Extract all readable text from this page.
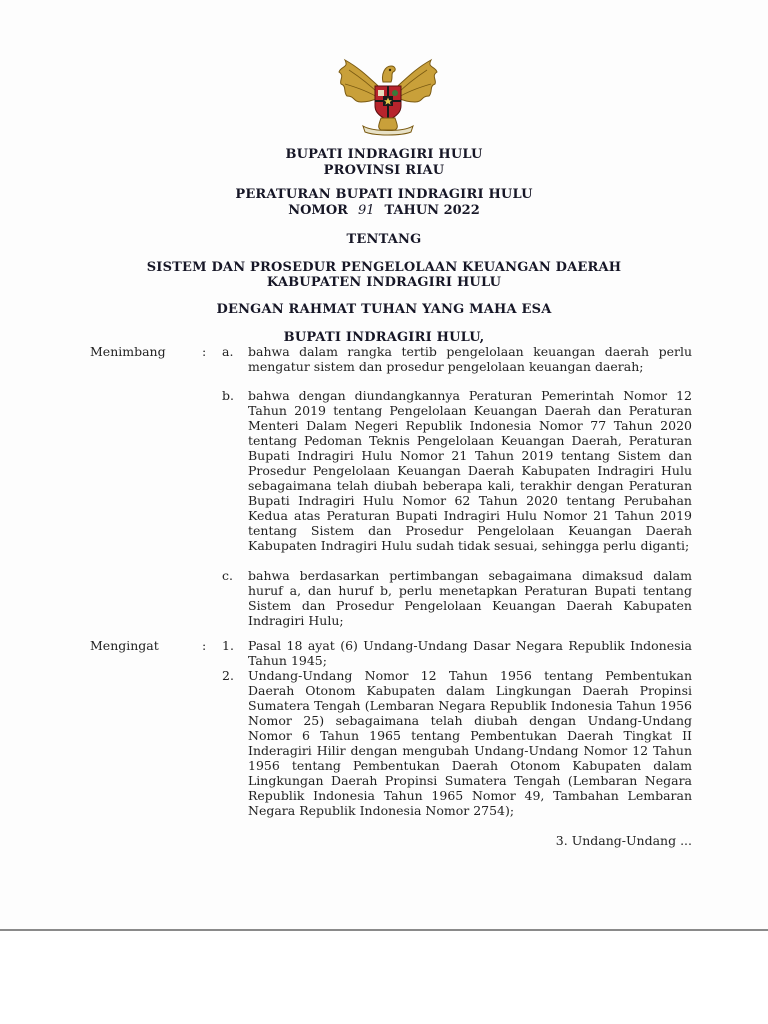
BUPATI INDRAGIRI HULU
PROVINSI RIAU
PERATURAN BUPATI INDRAGIRI HULU
NOMOR 91 TAHUN 2022
TENTANG
SISTEM DAN PROSEDUR PENGELOLAAN KEUANGAN DAERAH
KABUPATEN INDRAGIRI HULU
DENGAN RAHMAT TUHAN YANG MAHA ESA
BUPATI INDRAGIRI HULU,
Menimbang	: a. bahwa dalam rangka tertib pengelolaan keuangan daerah perlu mengatur sistem dan prosedur pengelolaan keuangan daerah;
b. bahwa dengan diundangkannya Peraturan Pemerintah Nomor 12 Tahun 2019 tentang Pengelolaan Keuangan Daerah dan Peraturan Menteri Dalam Negeri Republik Indonesia Nomor 77 Tahun 2020 tentang Pedoman Teknis Pengelolaan Keuangan Daerah, Peraturan Bupati Indragiri Hulu Nomor 21 Tahun 2019 tentang Sistem dan Prosedur Pengelolaan Keuangan Daerah Kabupaten Indragiri Hulu sebagaimana telah diubah beberapa kali, terakhir dengan Peraturan Bupati Indragiri Hulu Nomor 62 Tahun 2020 tentang Perubahan Kedua atas Peraturan Bupati Indragiri Hulu Nomor 21 Tahun 2019 tentang Sistem dan Prosedur Pengelolaan Keuangan Daerah Kabupaten Indragiri Hulu sudah tidak sesuai, sehingga perlu diganti;
c. bahwa berdasarkan pertimbangan sebagaimana dimaksud dalam huruf a, dan huruf b, perlu menetapkan Peraturan Bupati tentang Sistem dan Prosedur Pengelolaan Keuangan Daerah Kabupaten Indragiri Hulu;
Mengingat	: 1. Pasal 18 ayat (6) Undang-Undang Dasar Negara Republik Indonesia Tahun 1945;
2. Undang-Undang Nomor 12 Tahun 1956 tentang Pembentukan Daerah Otonom Kabupaten dalam Lingkungan Daerah Propinsi Sumatera Tengah (Lembaran Negara Republik Indonesia Tahun 1956 Nomor 25) sebagaimana telah diubah dengan Undang-Undang Nomor 6 Tahun 1965 tentang Pembentukan Daerah Tingkat II Inderagiri Hilir dengan mengubah Undang-Undang Nomor 12 Tahun 1956 tentang Pembentukan Daerah Otonom Kabupaten dalam Lingkungan Daerah Propinsi Sumatera Tengah (Lembaran Negara Republik Indonesia Tahun 1965 Nomor 49, Tambahan Lembaran Negara Republik Indonesia Nomor 2754);
3. Undang-Undang ...
